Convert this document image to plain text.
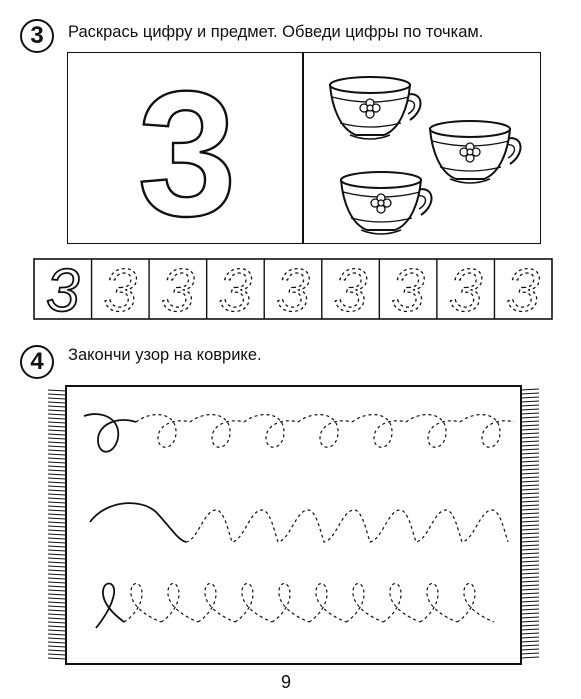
3 Раскрась цифру и предмет. Обведи цифры по точкам.
3
3 3 3 3 3 3 3 3 3
4 Закончи узор на коврике.
9
